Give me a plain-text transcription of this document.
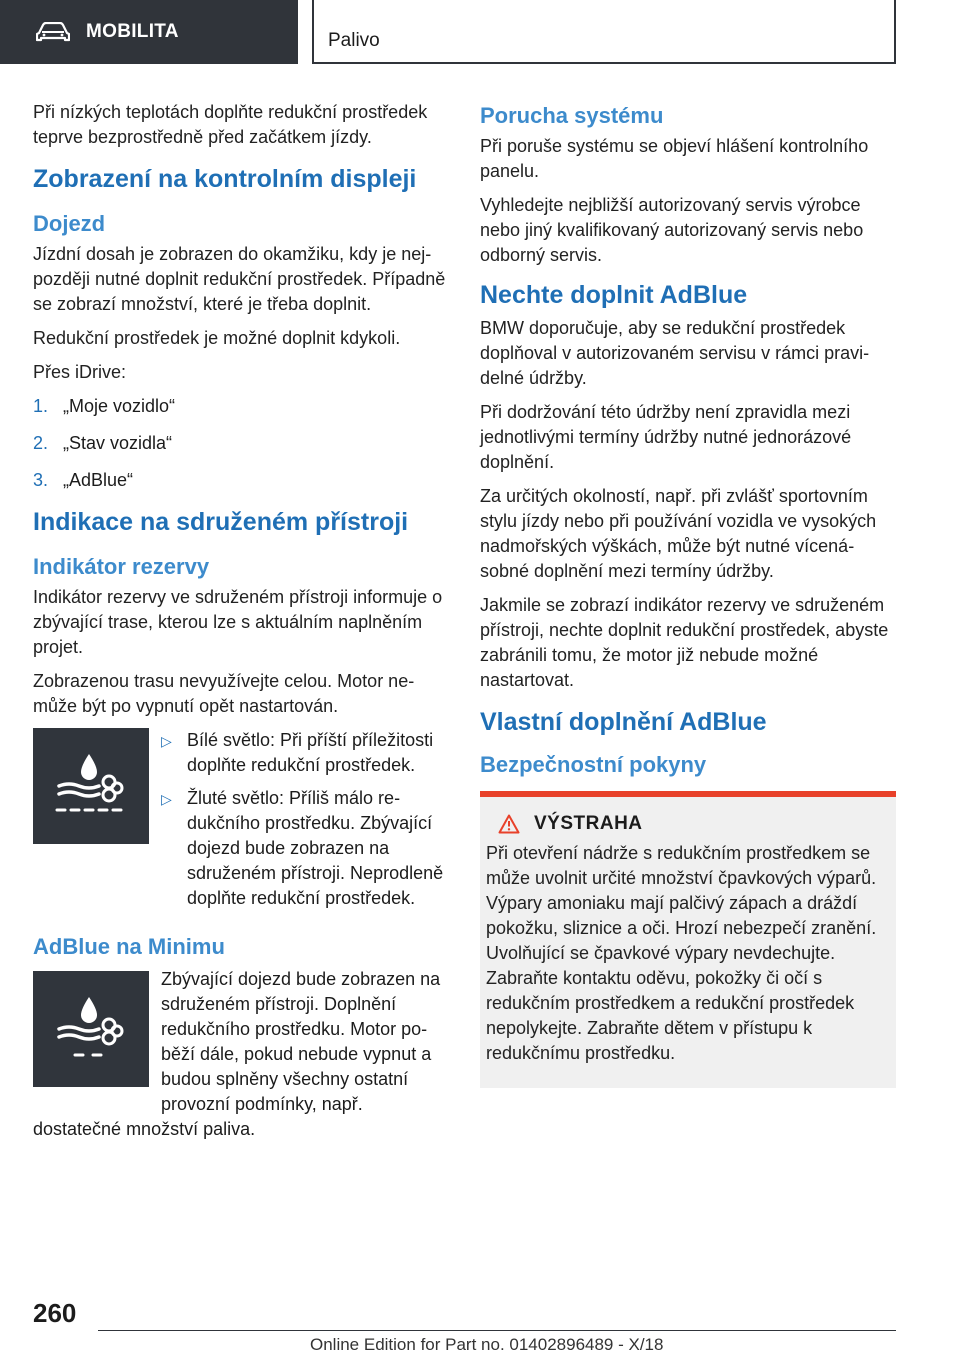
MOBILITA	Palivo

Při nízkých teplotách doplňte redukční prostředek teprve bezprostředně před začátkem jízdy.

Zobrazení na kontrolním displeji
Dojezd

Jízdní dosah je zobrazen do okamžiku, kdy je nejpozději nutné doplnit redukční prostředek. Případně se zobrazí množství, které je třeba doplnit.

Redukční prostředek je možné doplnit kdykoli.

Přes iDrive:

1. „Moje vozidlo“
2. „Stav vozidla“
3. „AdBlue“
Indikace na sdruženém přístroji
Indikátor rezervy

Indikátor rezervy ve sdruženém přístroji informuje o zbývající trase, kterou lze s aktuálním naplněním projet.

Zobrazenou trasu nevyužívejte celou. Motor nemůže být po vypnutí opět nastartován.

▷ Bílé světlo: Při příští příležitosti doplňte redukční prostředek.
▷ Žluté světlo: Příliš málo redukčního prostředku. Zbývající dojezd bude zobrazen na sdruženém přístroji. Neprodleně doplňte redukční prostředek.
AdBlue na Minimu

Zbývající dojezd bude zobrazen na sdruženém přístroji. Doplnění redukčního prostředku. Motor poběží dále, pokud nebude vypnut a budou splněny všechny ostatní provozní podmínky, např. dostatečné množství paliva.

Porucha systému

Při poruše systému se objeví hlášení kontrolního panelu.

Vyhledejte nejbližší autorizovaný servis výrobce nebo jiný kvalifikovaný autorizovaný servis nebo odborný servis.

Nechte doplnit AdBlue

BMW doporučuje, aby se redukční prostředek doplňoval v autorizovaném servisu v rámci pravidelné údržby.

Při dodržování této údržby není zpravidla mezi jednotlivými termíny údržby nutné jednorázové doplnění.

Za určitých okolností, např. při zvlášť sportovním stylu jízdy nebo při používání vozidla ve vysokých nadmořských výškách, může být nutné vícenásobné doplnění mezi termíny údržby.

Jakmile se zobrazí indikátor rezervy ve sdruženém přístroji, nechte doplnit redukční prostředek, abyste zabránili tomu, že motor již nebude možné nastartovat.

Vlastní doplnění AdBlue
Bezpečnostní pokyny
VÝSTRAHA

Při otevření nádrže s redukčním prostředkem se může uvolnit určité množství čpavkových výparů. Výpary amoniaku mají palčivý zápach a dráždí pokožku, sliznice a oči. Hrozí nebezpečí zranění. Uvolňující se čpavkové výpary nevdechujte. Zabraňte kontaktu oděvu, pokožky či očí s redukčním prostředkem a redukční prostředek nepolykejte. Zabraňte dětem v přístupu k redukčnímu prostředku.

260
Online Edition for Part no. 01402896489 - X/18
